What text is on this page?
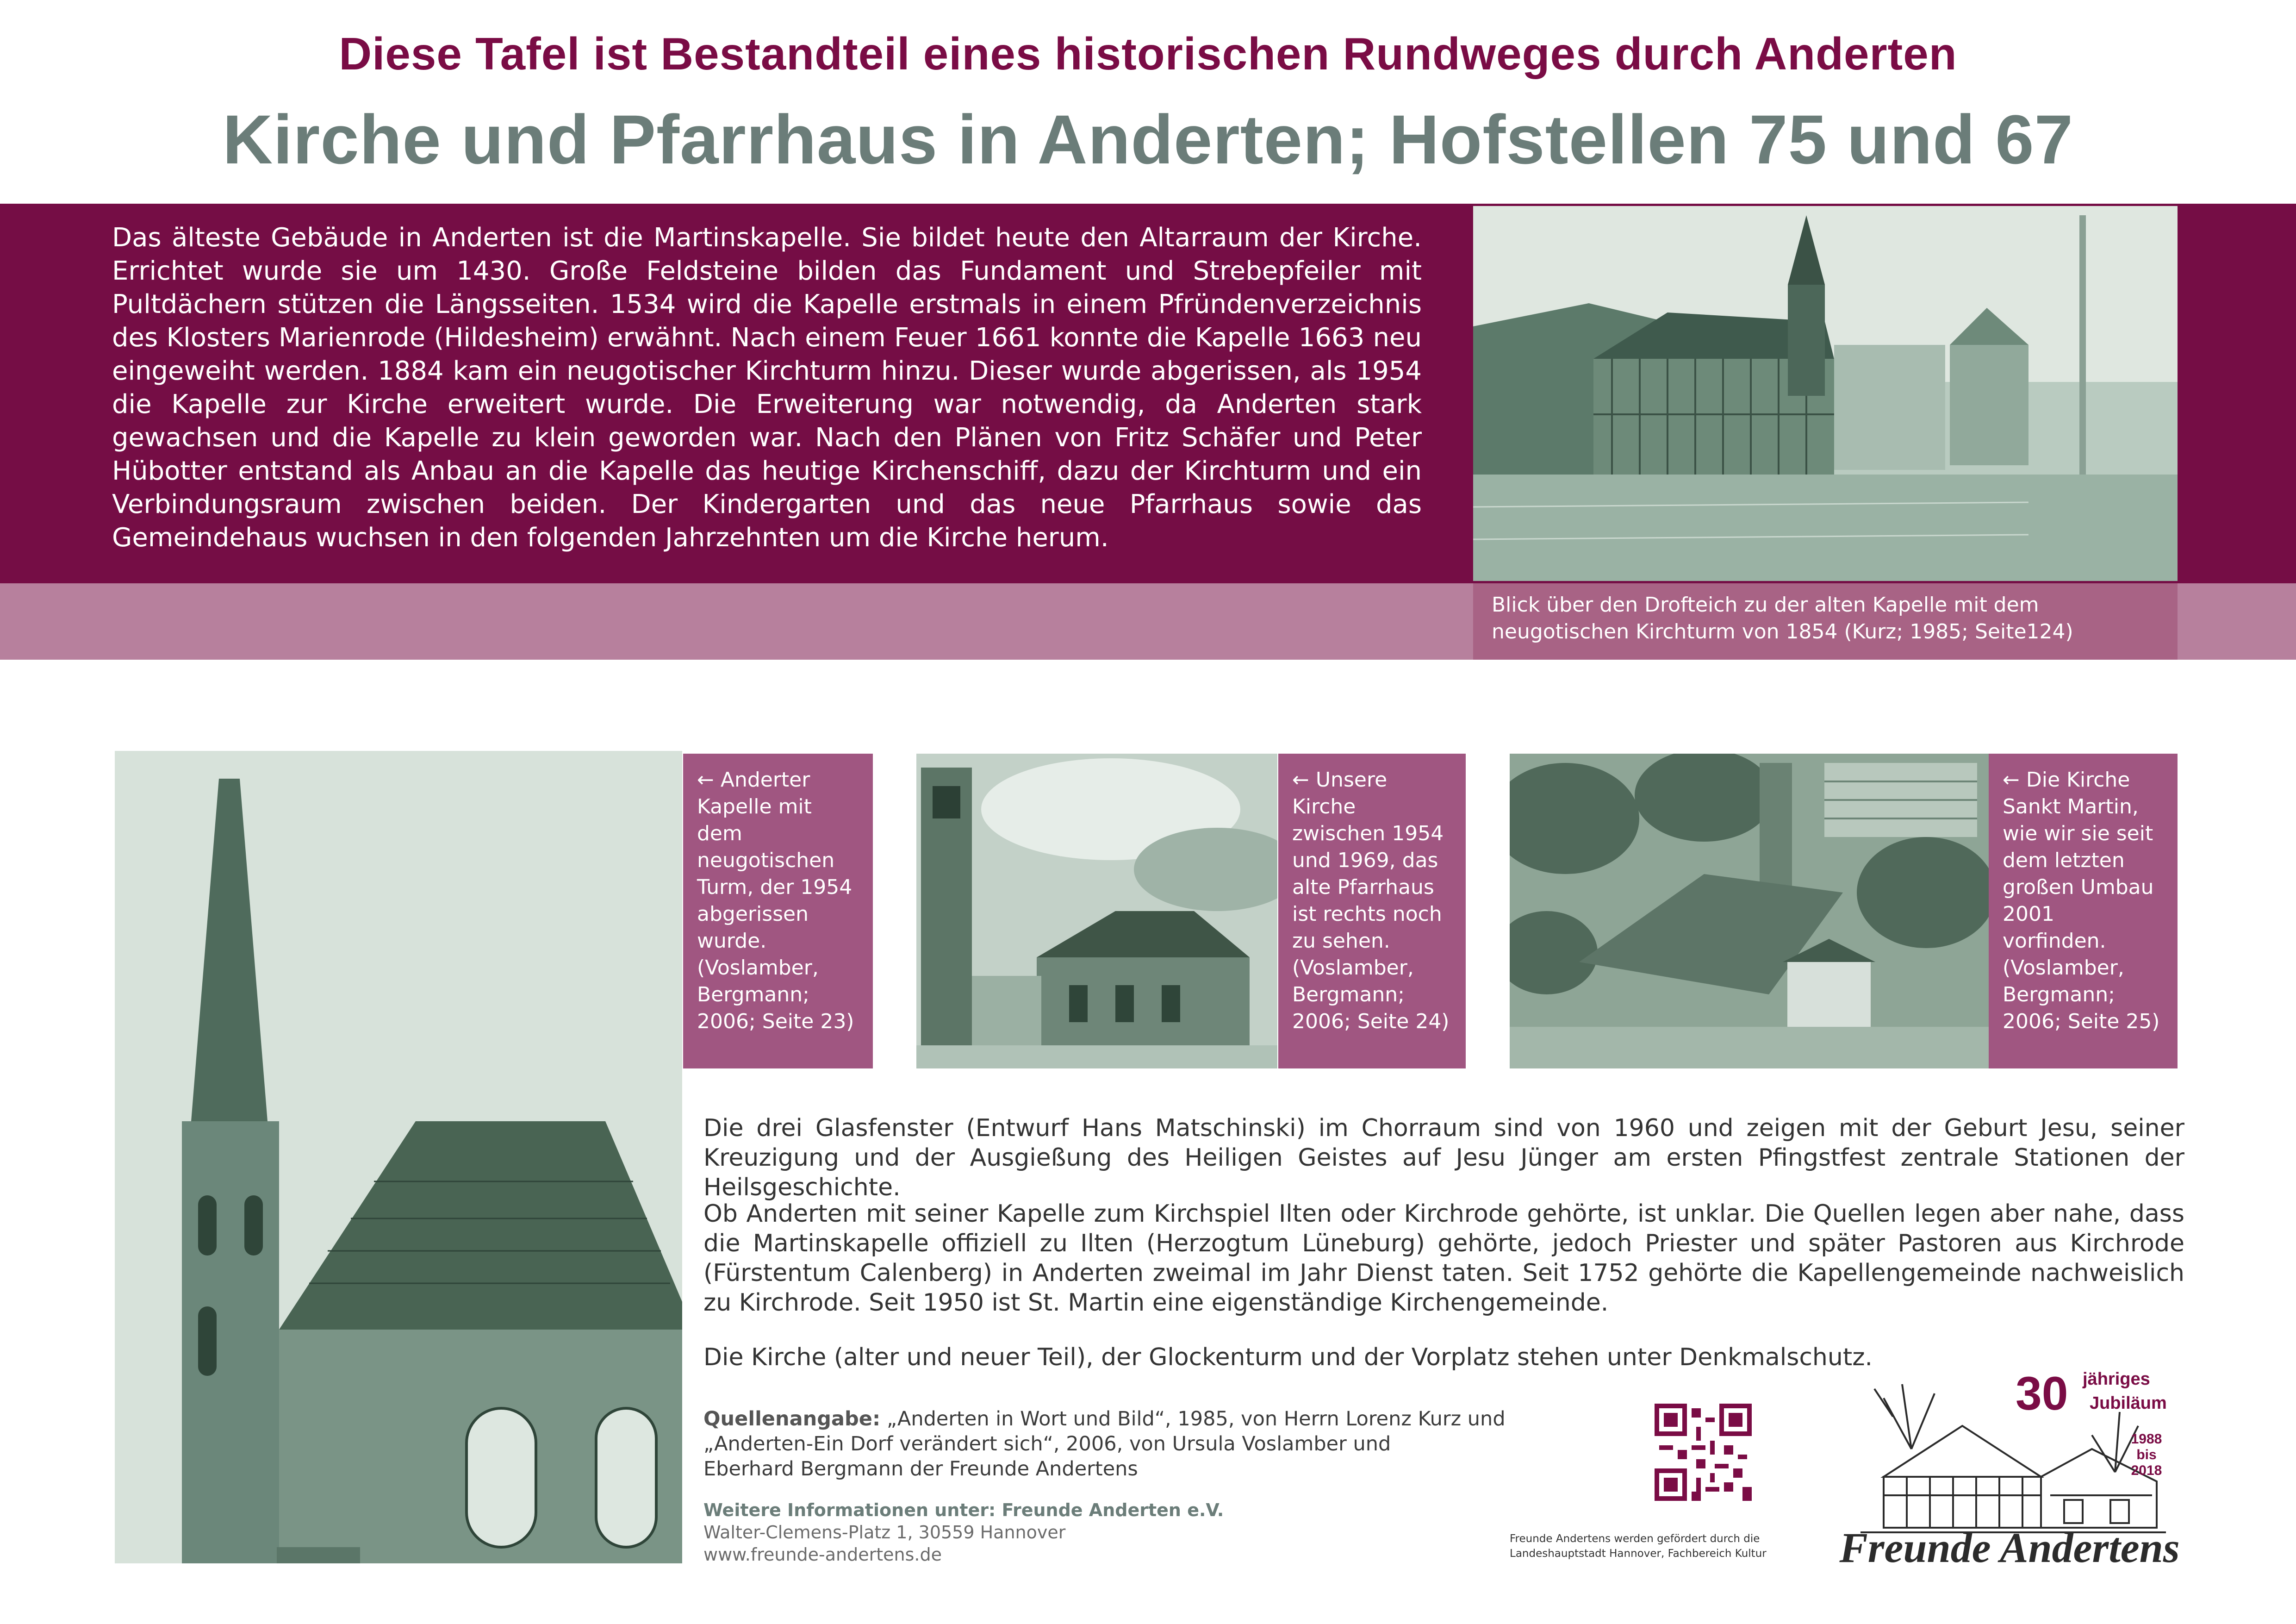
Diese Tafel ist Bestandteil eines historischen Rundweges durch Anderten
Kirche und Pfarrhaus in Anderten; Hofstellen 75 und 67
Das älteste Gebäude in Anderten ist die Martinskapelle. Sie bildet heute den Altarraum der Kirche. Errichtet wurde sie um 1430. Große Feldsteine bilden das Fundament und Strebepfeiler mit Pultdächern stützen die Längsseiten. 1534 wird die Kapelle erstmals in einem Pfründenverzeichnis des Klosters Marienrode (Hildesheim) erwähnt. Nach einem Feuer 1661 konnte die Kapelle 1663 neu eingeweiht werden. 1884 kam ein neugotischer Kirchturm hinzu. Dieser wurde abgerissen, als 1954 die Kapelle zur Kirche erweitert wurde. Die Erweiterung war notwendig, da Anderten stark gewachsen und die Kapelle zu klein geworden war. Nach den Plänen von Fritz Schäfer und Peter Hübotter entstand als Anbau an die Kapelle das heutige Kirchenschiff, dazu der Kirchturm und ein Verbindungsraum zwischen beiden. Der Kindergarten und das neue Pfarrhaus sowie das Gemeindehaus wuchsen in den folgenden Jahrzehnten um die Kirche herum.
Blick über den Drofteich zu der alten Kapelle mit dem neugotischen Kirchturm von 1854 (Kurz; 1985; Seite124)
← Anderter Kapelle mit dem neugotischen Turm, der 1954 abgerissen wurde. (Voslamber, Bergmann; 2006; Seite 23)
← Unsere Kirche zwischen 1954 und 1969, das alte Pfarrhaus ist rechts noch zu sehen. (Voslamber, Bergmann; 2006; Seite 24)
← Die Kirche Sankt Martin, wie wir sie seit dem letzten großen Umbau 2001 vorfinden. (Voslamber, Bergmann; 2006; Seite 25)

Die drei Glasfenster (Entwurf Hans Matschinski) im Chorraum sind von 1960 und zeigen mit der Geburt Jesu, seiner Kreuzigung und der Ausgießung des Heiligen Geistes auf Jesu Jünger am ersten Pfingstfest zentrale Stationen der Heilsgeschichte.

Ob Anderten mit seiner Kapelle zum Kirchspiel Ilten oder Kirchrode gehörte, ist unklar. Die Quellen legen aber nahe, dass die Martinskapelle offiziell zu Ilten (Herzogtum Lüneburg) gehörte, jedoch Priester und später Pastoren aus Kirchrode (Fürstentum Calenberg) in Anderten zweimal im Jahr Dienst taten. Seit 1752 gehörte die Kapellengemeinde nachweislich zu Kirchrode. Seit 1950 ist St. Martin eine eigenständige Kirchengemeinde.

Die Kirche (alter und neuer Teil), der Glockenturm und der Vorplatz stehen unter Denkmalschutz.

Quellenangabe: „Anderten in Wort und Bild“, 1985, von Herrn Lorenz Kurz und
„Anderten-Ein Dorf verändert sich“, 2006, von Ursula Voslamber und
Eberhard Bergmann der Freunde Andertens
Weitere Informationen unter: Freunde Anderten e.V.
Walter-Clemens-Platz 1, 30559 Hannover
www.freunde-andertens.de
Freunde Andertens werden gefördert durch die
Landeshauptstadt Hannover, Fachbereich Kultur
30 jähriges
Jubiläum
1988
bis
2018
Freunde Andertens
